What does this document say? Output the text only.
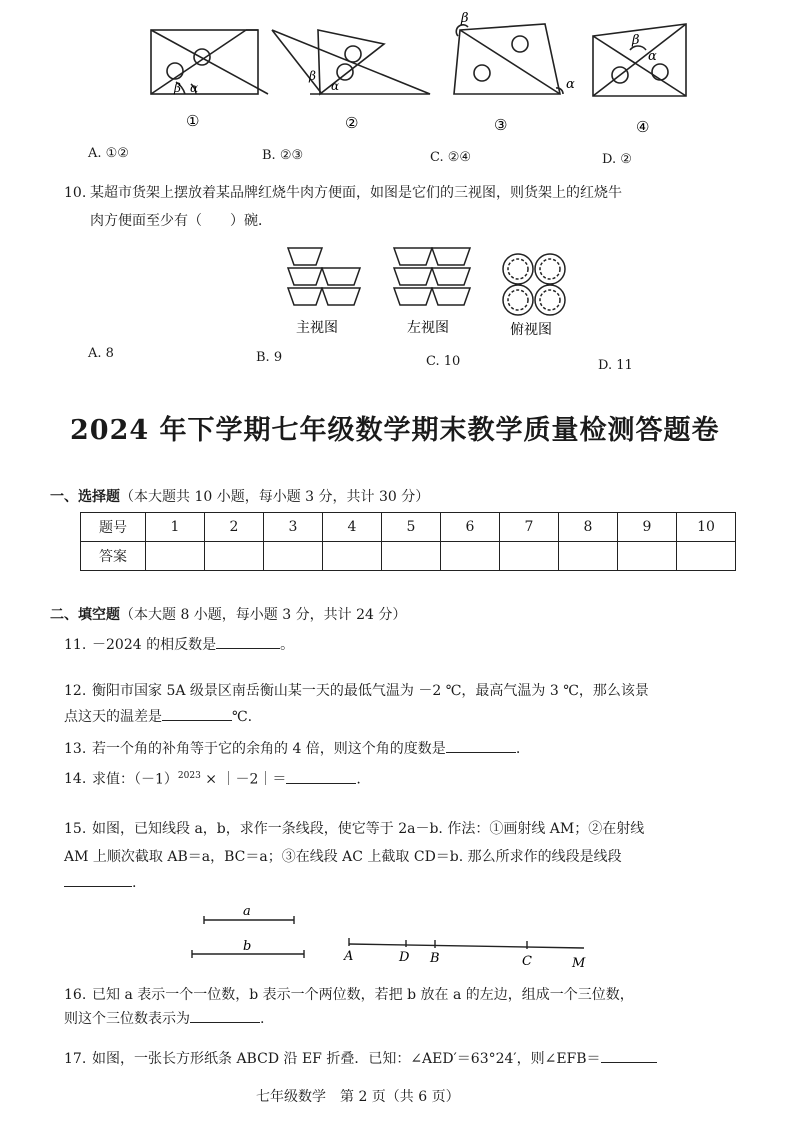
α
β
β
α
β
α
β
α
①	②	③	④
A. ①②	B. ②③	C. ②④	D. ②
10. 某超市货架上摆放着某品牌红烧牛肉方便面，如图是它们的三视图，则货架上的红烧牛
肉方便面至少有（　　）碗．
主视图	左视图	俯视图
A. 8	B. 9	C. 10	D. 11
2024 年下学期七年级数学期末教学质量检测答题卷
一、选择题（本大题共 10 小题，每小题 3 分，共计 30 分）
题号	1	2	3	4	5	6	7	8	9	10
答案										
二、填空题（本大题 8 小题，每小题 3 分，共计 24 分）
11. －2024 的相反数是	。
12. 衡阳市国家 5A 级景区南岳衡山某一天的最低气温为 －2 ℃，最高气温为 3 ℃，那么该景
点这天的温差是	℃.
13. 若一个角的补角等于它的余角的 4 倍，则这个角的度数是	.
14. 求值：$(-1)^{2023}$ × ｜－2｜＝	.
15. 如图，已知线段 a，b，求作一条线段，使它等于 2a－b. 作法：①画射线 AM；②在射线
AM 上顺次截取 AB＝a，BC＝a；③在线段 AC 上截取 CD＝b. 那么所求作的线段是线段
.
a
b
A	D B	C	M
16. 已知 a 表示一个一位数，b 表示一个两位数，若把 b 放在 a 的左边，组成一个三位数，
则这个三位数表示为	.
17. 如图，一张长方形纸条 ABCD 沿 EF 折叠．已知：∠AED′＝63°24′，则∠EFB＝
七年级数学　第 2 页（共 6 页）
